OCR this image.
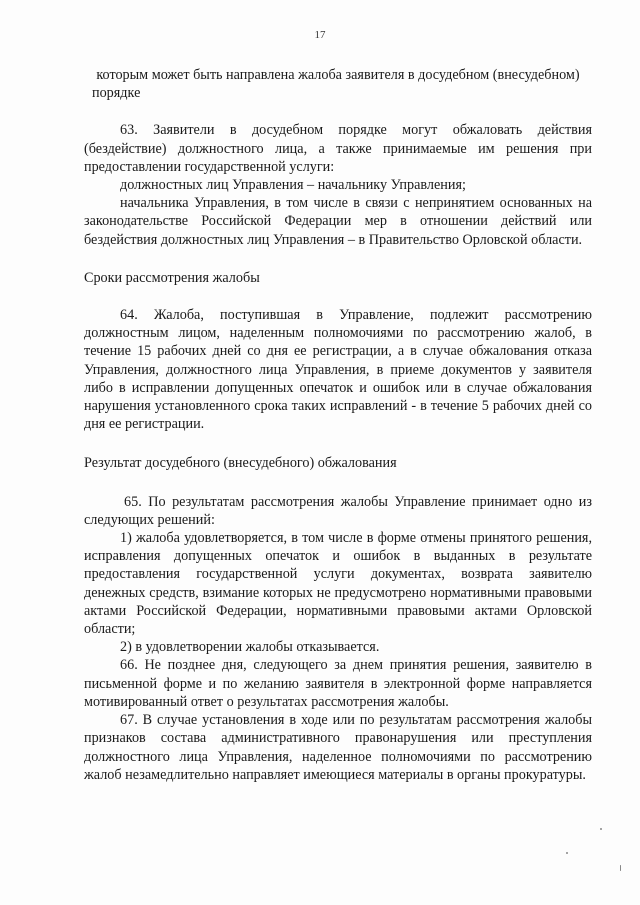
17

которым может быть направлена жалоба заявителя в досудебном (внесудебном) порядке

63. Заявители в досудебном порядке могут обжаловать действия (бездействие) должностного лица, а также принимаемые им решения при предоставлении государственной услуги:

должностных лиц Управления – начальнику Управления;

начальника Управления, в том числе в связи с непринятием основанных на законодательстве Российской Федерации мер в отношении действий или бездействия должностных лиц Управления – в Правительство Орловской области.

Сроки рассмотрения жалобы

64. Жалоба, поступившая в Управление, подлежит рассмотрению должностным лицом, наделенным полномочиями по рассмотрению жалоб, в течение 15 рабочих дней со дня ее регистрации, а в случае обжалования отказа Управления, должностного лица Управления, в приеме документов у заявителя либо в исправлении допущенных опечаток и ошибок или в случае обжалования нарушения установленного срока таких исправлений - в течение 5 рабочих дней со дня ее регистрации.

Результат досудебного (внесудебного) обжалования

65. По результатам рассмотрения жалобы Управление принимает одно из следующих решений:

1) жалоба удовлетворяется, в том числе в форме отмены принятого решения, исправления допущенных опечаток и ошибок в выданных в результате предоставления государственной услуги документах, возврата заявителю денежных средств, взимание которых не предусмотрено нормативными правовыми актами Российской Федерации, нормативными правовыми актами Орловской области;

2) в удовлетворении жалобы отказывается.

66. Не позднее дня, следующего за днем принятия решения, заявителю в письменной форме и по желанию заявителя в электронной форме направляется мотивированный ответ о результатах рассмотрения жалобы.

67. В случае установления в ходе или по результатам рассмотрения жалобы признаков состава административного правонарушения или преступления должностного лица Управления, наделенное полномочиями по рассмотрению жалоб незамедлительно направляет имеющиеся материалы в органы прокуратуры.
